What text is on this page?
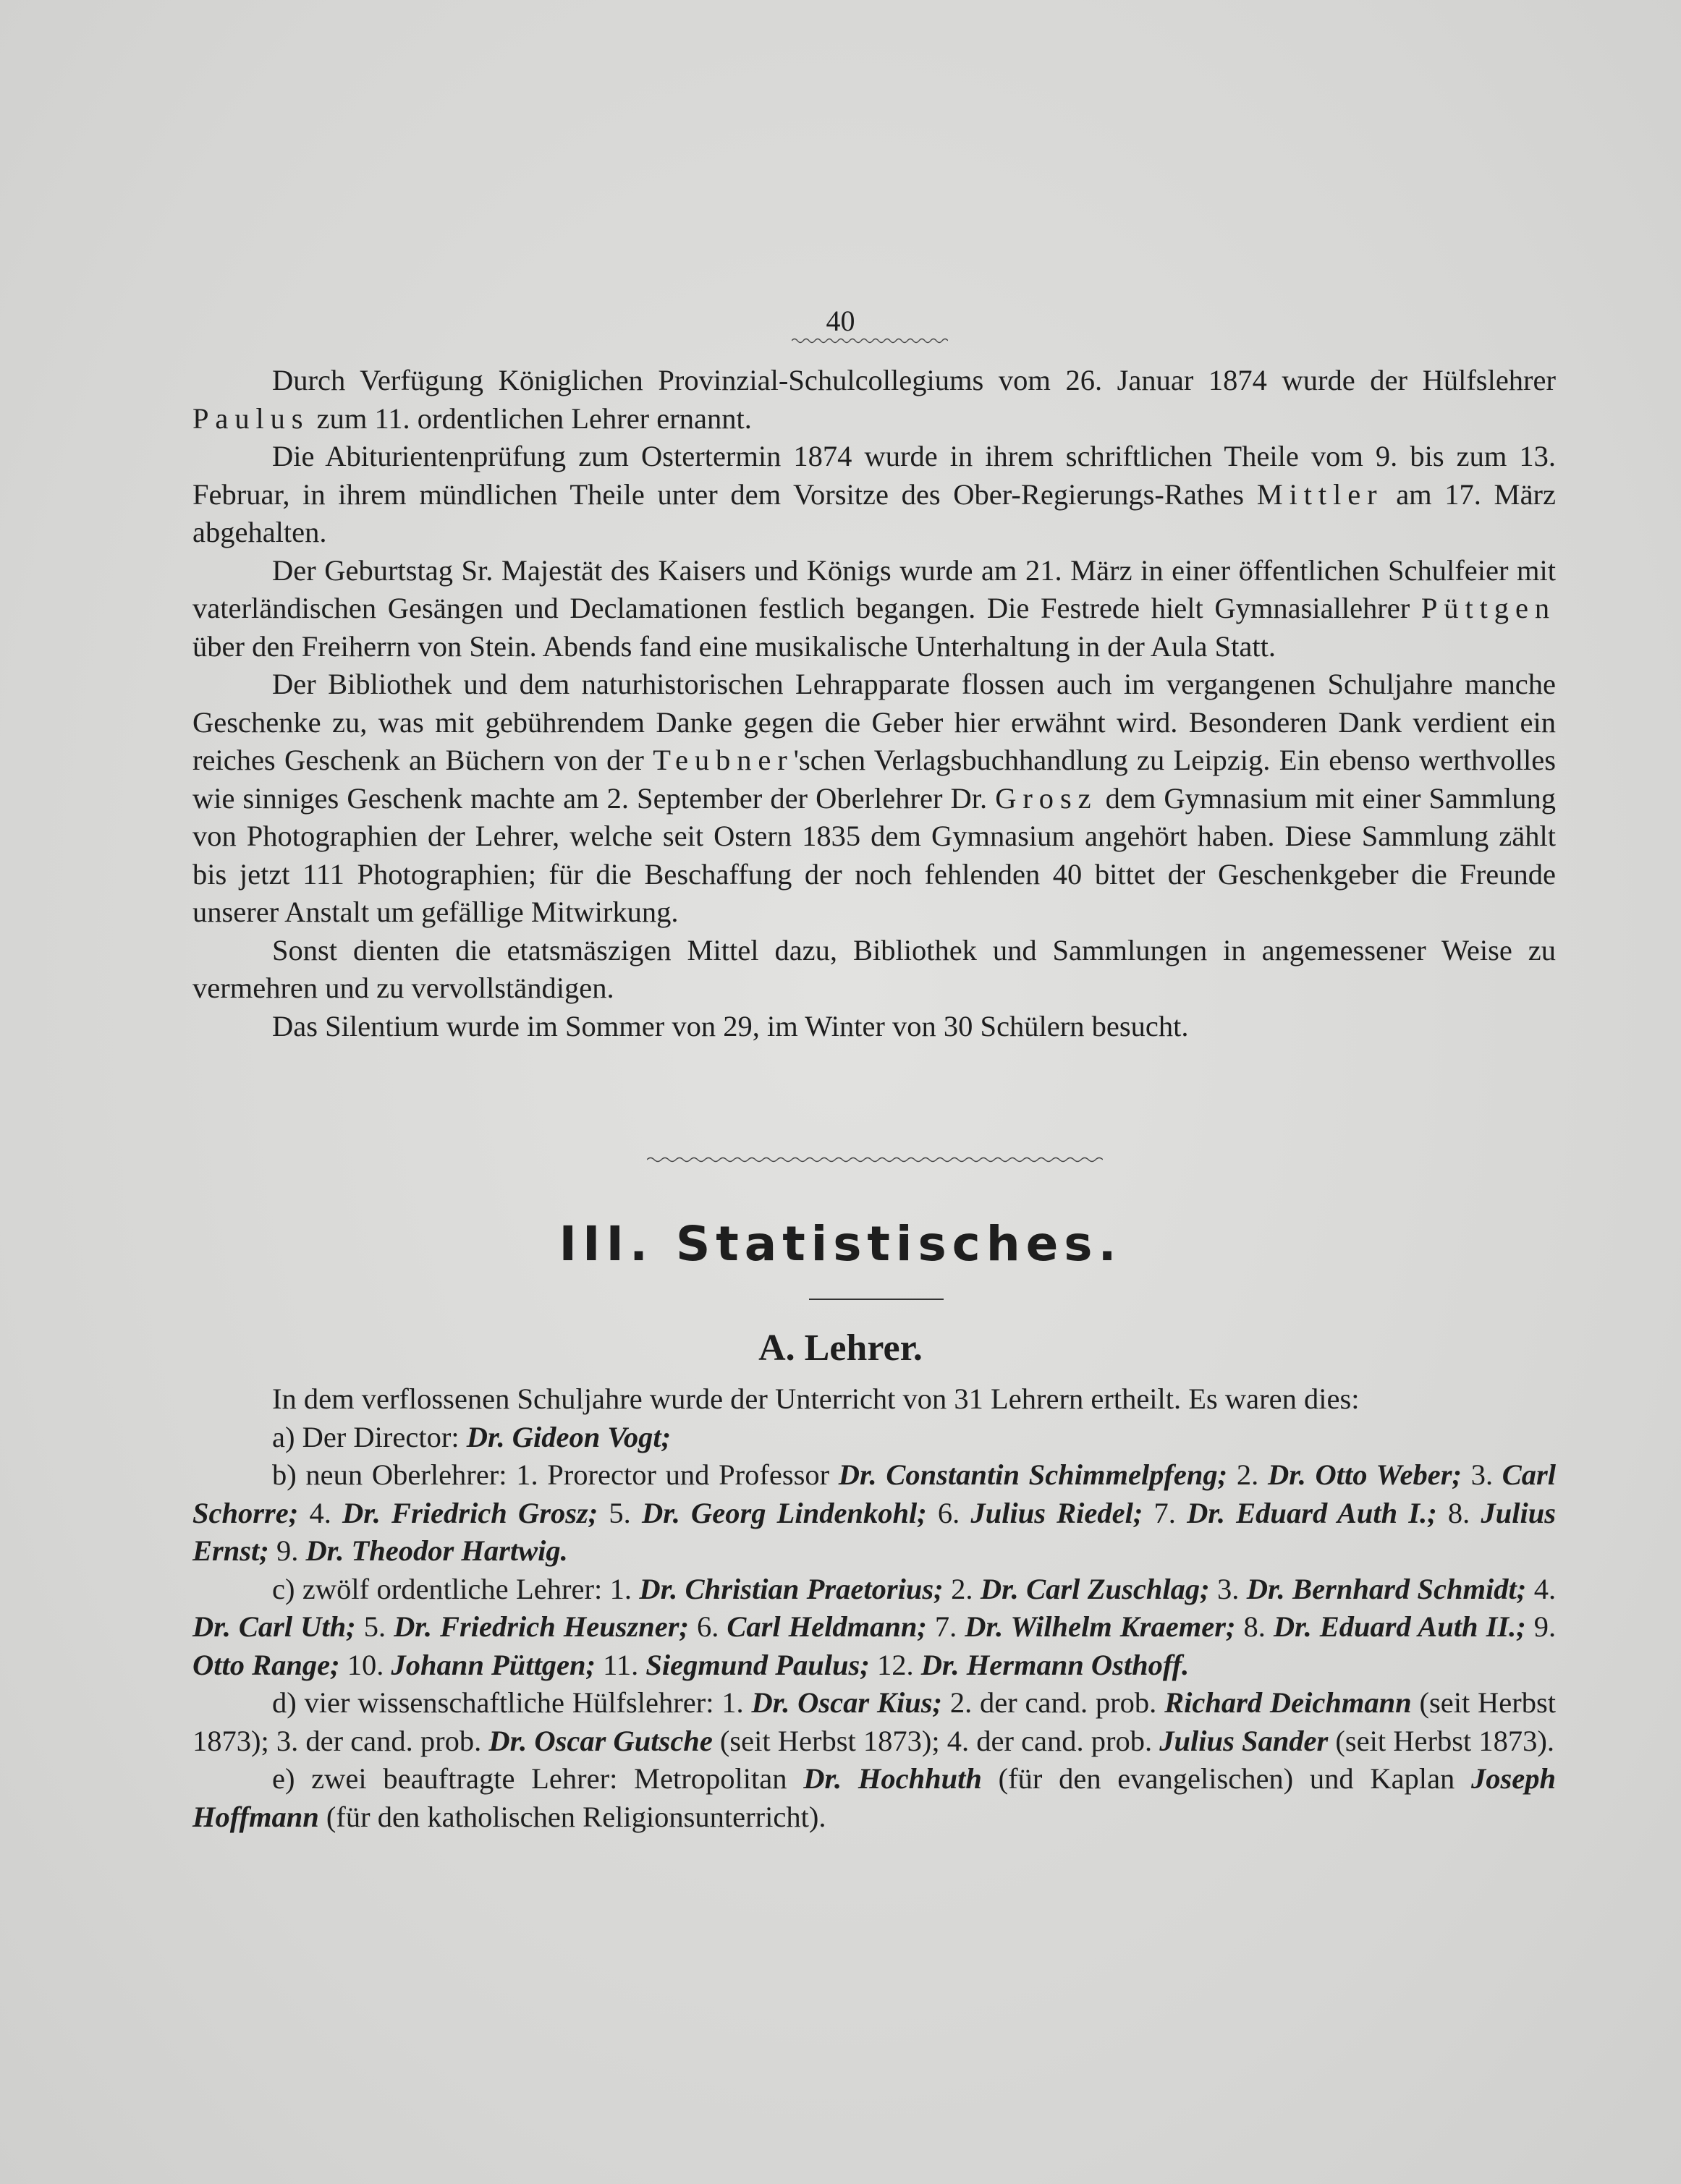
40

Durch Verfügung Königlichen Provinzial-Schulcollegiums vom 26. Januar 1874 wurde der Hülfslehrer Paulus zum 11. ordentlichen Lehrer ernannt.

Die Abiturientenprüfung zum Ostertermin 1874 wurde in ihrem schriftlichen Theile vom 9. bis zum 13. Februar, in ihrem mündlichen Theile unter dem Vorsitze des Ober-Regierungs-Rathes Mittler am 17. März abgehalten.

Der Geburtstag Sr. Majestät des Kaisers und Königs wurde am 21. März in einer öffentlichen Schulfeier mit vaterländischen Gesängen und Declamationen festlich begangen. Die Festrede hielt Gymnasiallehrer Püttgen über den Freiherrn von Stein. Abends fand eine musikalische Unterhaltung in der Aula Statt.

Der Bibliothek und dem naturhistorischen Lehrapparate flossen auch im vergangenen Schuljahre manche Geschenke zu, was mit gebührendem Danke gegen die Geber hier erwähnt wird. Besonderen Dank verdient ein reiches Geschenk an Büchern von der Teubner'schen Verlagsbuchhandlung zu Leipzig. Ein ebenso werthvolles wie sinniges Geschenk machte am 2. September der Oberlehrer Dr. Grosz dem Gymnasium mit einer Sammlung von Photographien der Lehrer, welche seit Ostern 1835 dem Gymnasium angehört haben. Diese Sammlung zählt bis jetzt 111 Photographien; für die Beschaffung der noch fehlenden 40 bittet der Geschenkgeber die Freunde unserer Anstalt um gefällige Mitwirkung.

Sonst dienten die etatsmäszigen Mittel dazu, Bibliothek und Sammlungen in angemessener Weise zu vermehren und zu vervollständigen.

Das Silentium wurde im Sommer von 29, im Winter von 30 Schülern besucht.

III. Statistisches.
A. Lehrer.

In dem verflossenen Schuljahre wurde der Unterricht von 31 Lehrern ertheilt. Es waren dies:

a) Der Director: Dr. Gideon Vogt;

b) neun Oberlehrer: 1. Prorector und Professor Dr. Constantin Schimmelpfeng; 2. Dr. Otto Weber; 3. Carl Schorre; 4. Dr. Friedrich Grosz; 5. Dr. Georg Lindenkohl; 6. Julius Riedel; 7. Dr. Eduard Auth I.; 8. Julius Ernst; 9. Dr. Theodor Hartwig.

c) zwölf ordentliche Lehrer: 1. Dr. Christian Praetorius; 2. Dr. Carl Zuschlag; 3. Dr. Bernhard Schmidt; 4. Dr. Carl Uth; 5. Dr. Friedrich Heuszner; 6. Carl Heldmann; 7. Dr. Wilhelm Kraemer; 8. Dr. Eduard Auth II.; 9. Otto Range; 10. Johann Püttgen; 11. Siegmund Paulus; 12. Dr. Hermann Osthoff.

d) vier wissenschaftliche Hülfslehrer: 1. Dr. Oscar Kius; 2. der cand. prob. Richard Deichmann (seit Herbst 1873); 3. der cand. prob. Dr. Oscar Gutsche (seit Herbst 1873); 4. der cand. prob. Julius Sander (seit Herbst 1873).

e) zwei beauftragte Lehrer: Metropolitan Dr. Hochhuth (für den evangelischen) und Kaplan Joseph Hoffmann (für den katholischen Religionsunterricht).
